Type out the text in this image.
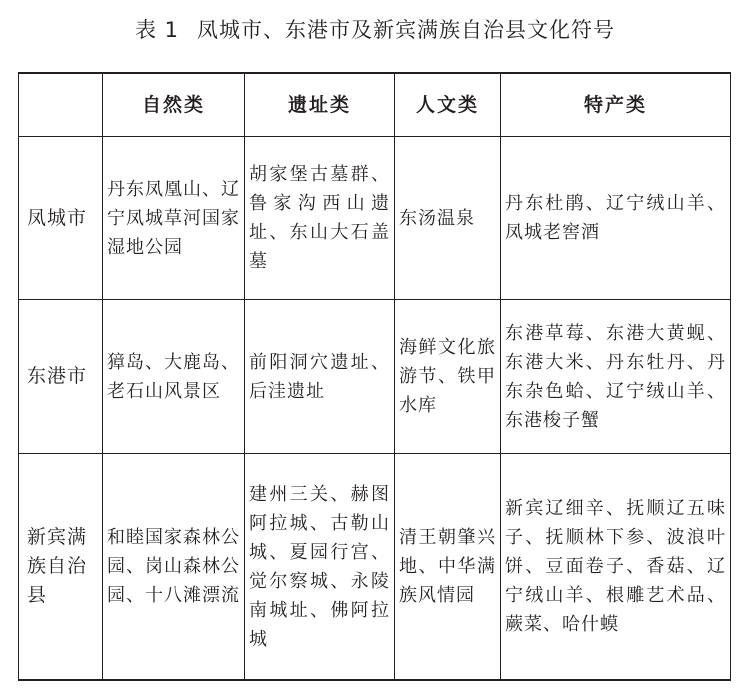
表 1 凤城市、东港市及新宾满族自治县文化符号
	自然类	遗址类	人文类	特产类
凤城市	丹东凤凰山、辽宁凤城草河国家湿地公园	胡家堡古墓群、鲁家沟西山遗址、东山大石盖墓	东汤温泉	丹东杜鹃、辽宁绒山羊、凤城老窖酒
东港市	獐岛、大鹿岛、老石山风景区	前阳洞穴遗址、后洼遗址	海鲜文化旅游节、铁甲水库	东港草莓、东港大黄蚬、东港大米、丹东牡丹、丹东杂色蛤、辽宁绒山羊、东港梭子蟹
新宾满族自治县	和睦国家森林公园、岗山森林公园、十八滩漂流	建州三关、赫图阿拉城、古勒山城、夏园行宫、觉尔察城、永陵南城址、佛阿拉城	清王朝肇兴地、中华满族风情园	新宾辽细辛、抚顺辽五味子、抚顺林下参、波浪叶饼、豆面卷子、香菇、辽宁绒山羊、根雕艺术品、蕨菜、哈什蟆
